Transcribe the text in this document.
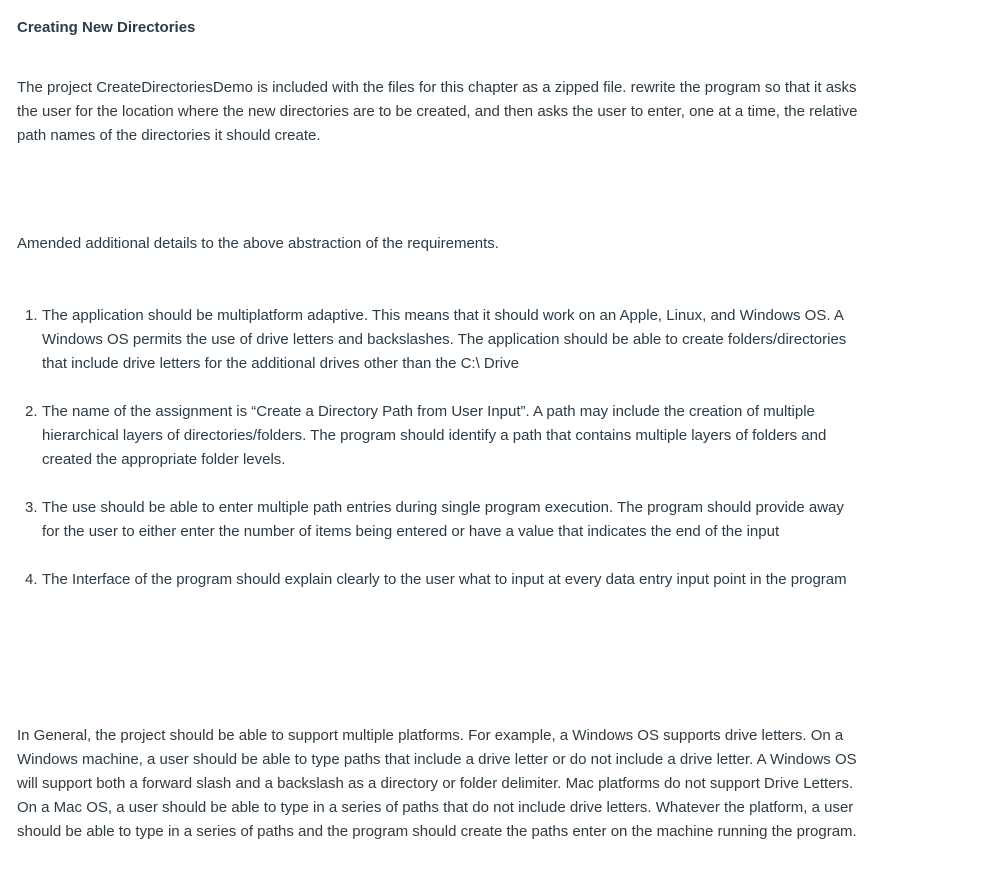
Creating New Directories

The project CreateDirectoriesDemo is included with the files for this chapter as a zipped file. rewrite the program so that it asks the user for the location where the new directories are to be created, and then asks the user to enter, one at a time, the relative path names of the directories it should create.

Amended additional details to the above abstraction of the requirements.

1. The application should be multiplatform adaptive. This means that it should work on an Apple, Linux, and Windows OS. A Windows OS permits the use of drive letters and backslashes. The application should be able to create folders/directories that include drive letters for the additional drives other than the C:\ Drive
2. The name of the assignment is “Create a Directory Path from User Input”. A path may include the creation of multiple hierarchical layers of directories/folders. The program should identify a path that contains multiple layers of folders and created the appropriate folder levels.
3. The use should be able to enter multiple path entries during single program execution. The program should provide away for the user to either enter the number of items being entered or have a value that indicates the end of the input
4. The Interface of the program should explain clearly to the user what to input at every data entry input point in the program

In General, the project should be able to support multiple platforms. For example, a Windows OS supports drive letters. On a Windows machine, a user should be able to type paths that include a drive letter or do not include a drive letter. A Windows OS will support both a forward slash and a backslash as a directory or folder delimiter. Mac platforms do not support Drive Letters. On a Mac OS, a user should be able to type in a series of paths that do not include drive letters. Whatever the platform, a user should be able to type in a series of paths and the program should create the paths enter on the machine running the program.
